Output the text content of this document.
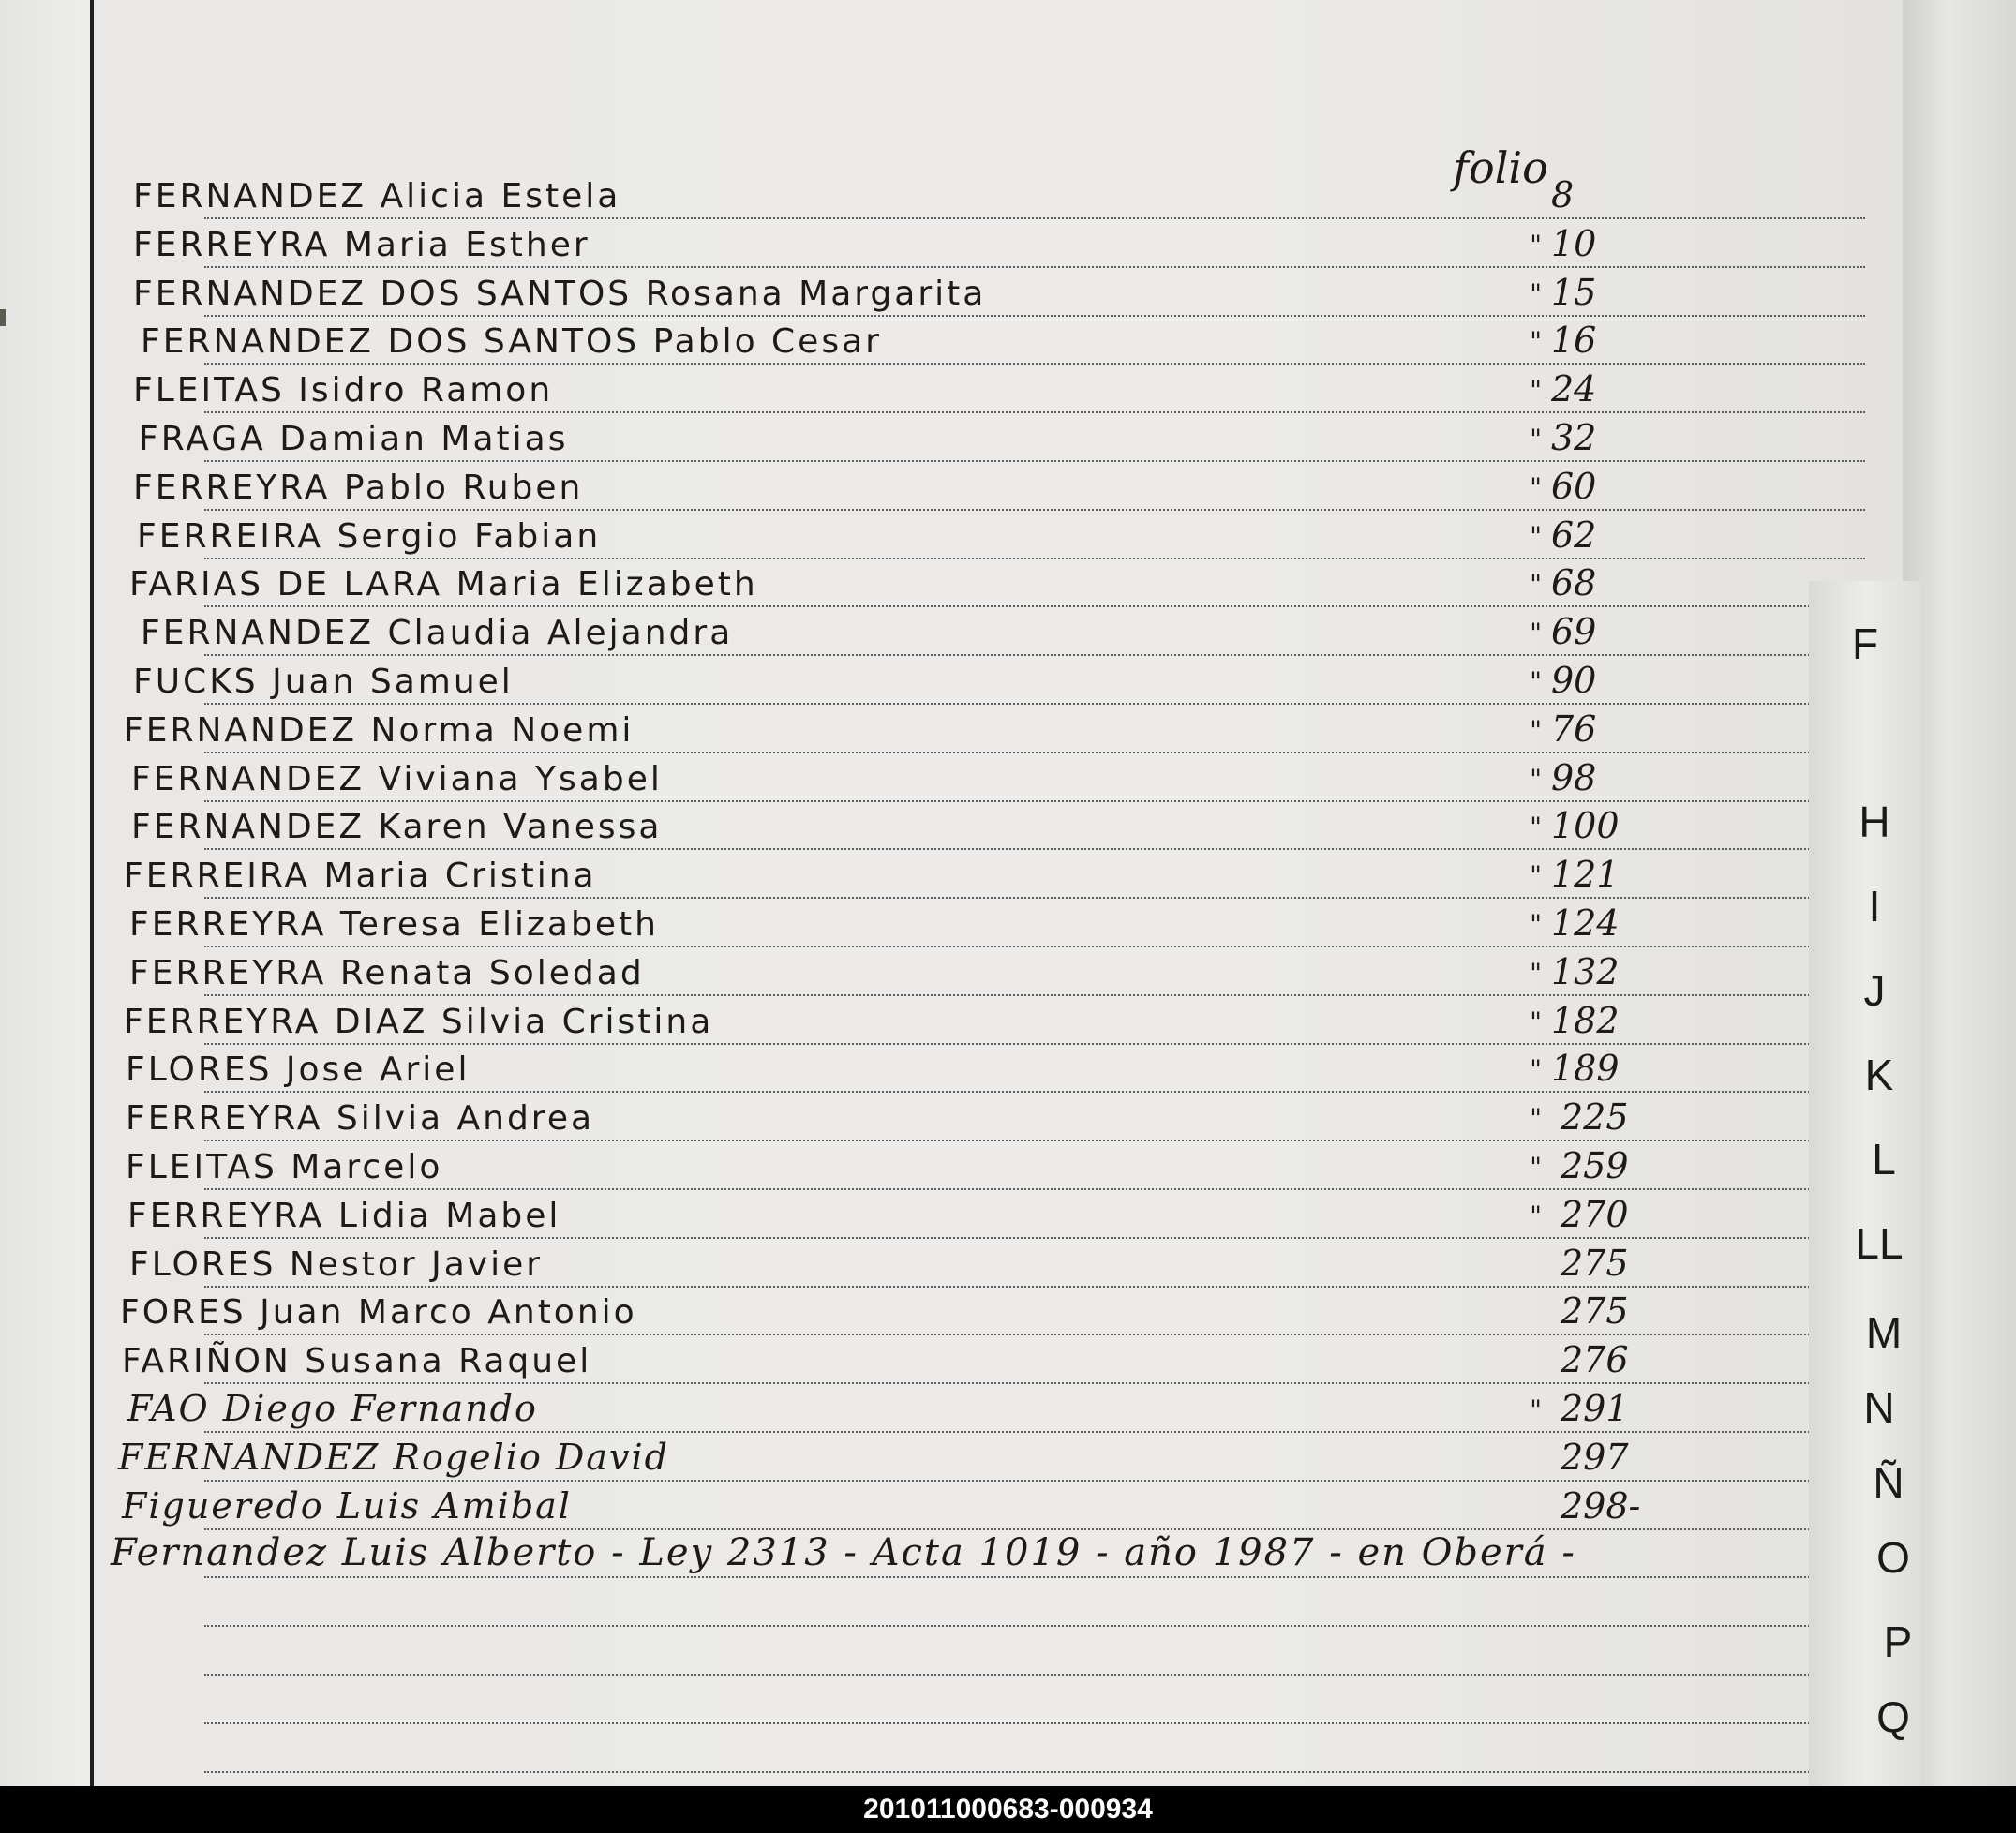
folio
FERNANDEZ Alicia Estela	8
FERREYRA Maria Esther	" 10
FERNANDEZ DOS SANTOS Rosana Margarita	" 15
FERNANDEZ DOS SANTOS Pablo Cesar	" 16
FLEITAS Isidro Ramon	" 24
FRAGA Damian Matias	" 32
FERREYRA Pablo Ruben	" 60
FERREIRA Sergio Fabian	" 62
FARIAS DE LARA Maria Elizabeth	" 68
FERNANDEZ Claudia Alejandra	" 69
FUCKS Juan Samuel	" 90
FERNANDEZ Norma Noemi	" 76
FERNANDEZ Viviana Ysabel	" 98
FERNANDEZ Karen Vanessa	" 100
FERREIRA Maria Cristina	" 121
FERREYRA Teresa Elizabeth	" 124
FERREYRA Renata Soledad	" 132
FERREYRA DIAZ Silvia Cristina	" 182
FLORES Jose Ariel	" 189
FERREYRA Silvia Andrea	" 225
FLEITAS Marcelo	" 259
FERREYRA Lidia Mabel	" 270
FLORES Nestor Javier	275
FORES Juan Marco Antonio	275
FARIÑON Susana Raquel	276
FAO Diego Fernando	" 291
FERNANDEZ Rogelio David	297
Figueredo Luis Amibal	298-
Fernandez Luis Alberto - Ley 2313 - Acta 1019 - año 1987 - en Oberá -
F
H
I
J
K
L
LL
M
N
Ñ
O
P
Q
201011000683-000934
